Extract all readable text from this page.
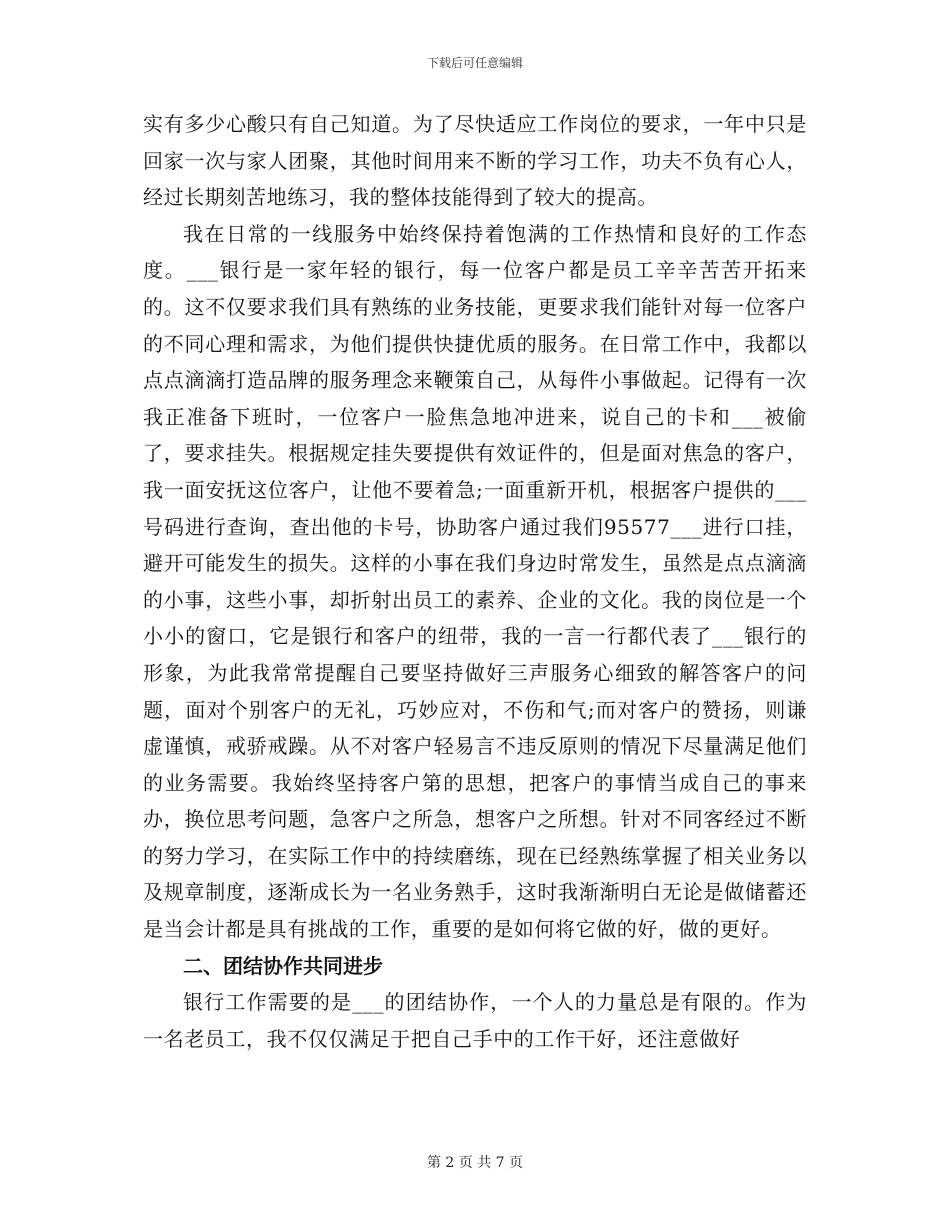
下载后可任意编辑

实有多少心酸只有自己知道。为了尽快适应工作岗位的要求，一年中只是回家一次与家人团聚，其他时间用来不断的学习工作，功夫不负有心人，经过长期刻苦地练习，我的整体技能得到了较大的提高。

我在日常的一线服务中始终保持着饱满的工作热情和良好的工作态度。___银行是一家年轻的银行，每一位客户都是员工辛辛苦苦开拓来的。这不仅要求我们具有熟练的业务技能，更要求我们能针对每一位客户的不同心理和需求，为他们提供快捷优质的服务。在日常工作中，我都以点点滴滴打造品牌的服务理念来鞭策自己，从每件小事做起。记得有一次我正准备下班时，一位客户一脸焦急地冲进来，说自己的卡和___被偷了，要求挂失。根据规定挂失要提供有效证件的，但是面对焦急的客户，我一面安抚这位客户，让他不要着急;一面重新开机，根据客户提供的___号码进行查询，查出他的卡号，协助客户通过我们95577___进行口挂，避开可能发生的损失。这样的小事在我们身边时常发生，虽然是点点滴滴的小事，这些小事，却折射出员工的素养、企业的文化。我的岗位是一个小小的窗口，它是银行和客户的纽带，我的一言一行都代表了___银行的形象，为此我常常提醒自己要坚持做好三声服务心细致的解答客户的问题，面对个别客户的无礼，巧妙应对，不伤和气;而对客户的赞扬，则谦虚谨慎，戒骄戒躁。从不对客户轻易言不违反原则的情况下尽量满足他们的业务需要。我始终坚持客户第的思想，把客户的事情当成自己的事来办，换位思考问题，急客户之所急，想客户之所想。针对不同客经过不断的努力学习，在实际工作中的持续磨练，现在已经熟练掌握了相关业务以及规章制度，逐渐成长为一名业务熟手，这时我渐渐明白无论是做储蓄还是当会计都是具有挑战的工作，重要的是如何将它做的好，做的更好。

二、团结协作共同进步

银行工作需要的是___的团结协作，一个人的力量总是有限的。作为一名老员工，我不仅仅满足于把自己手中的工作干好，还注意做好

第 2 页 共 7 页
